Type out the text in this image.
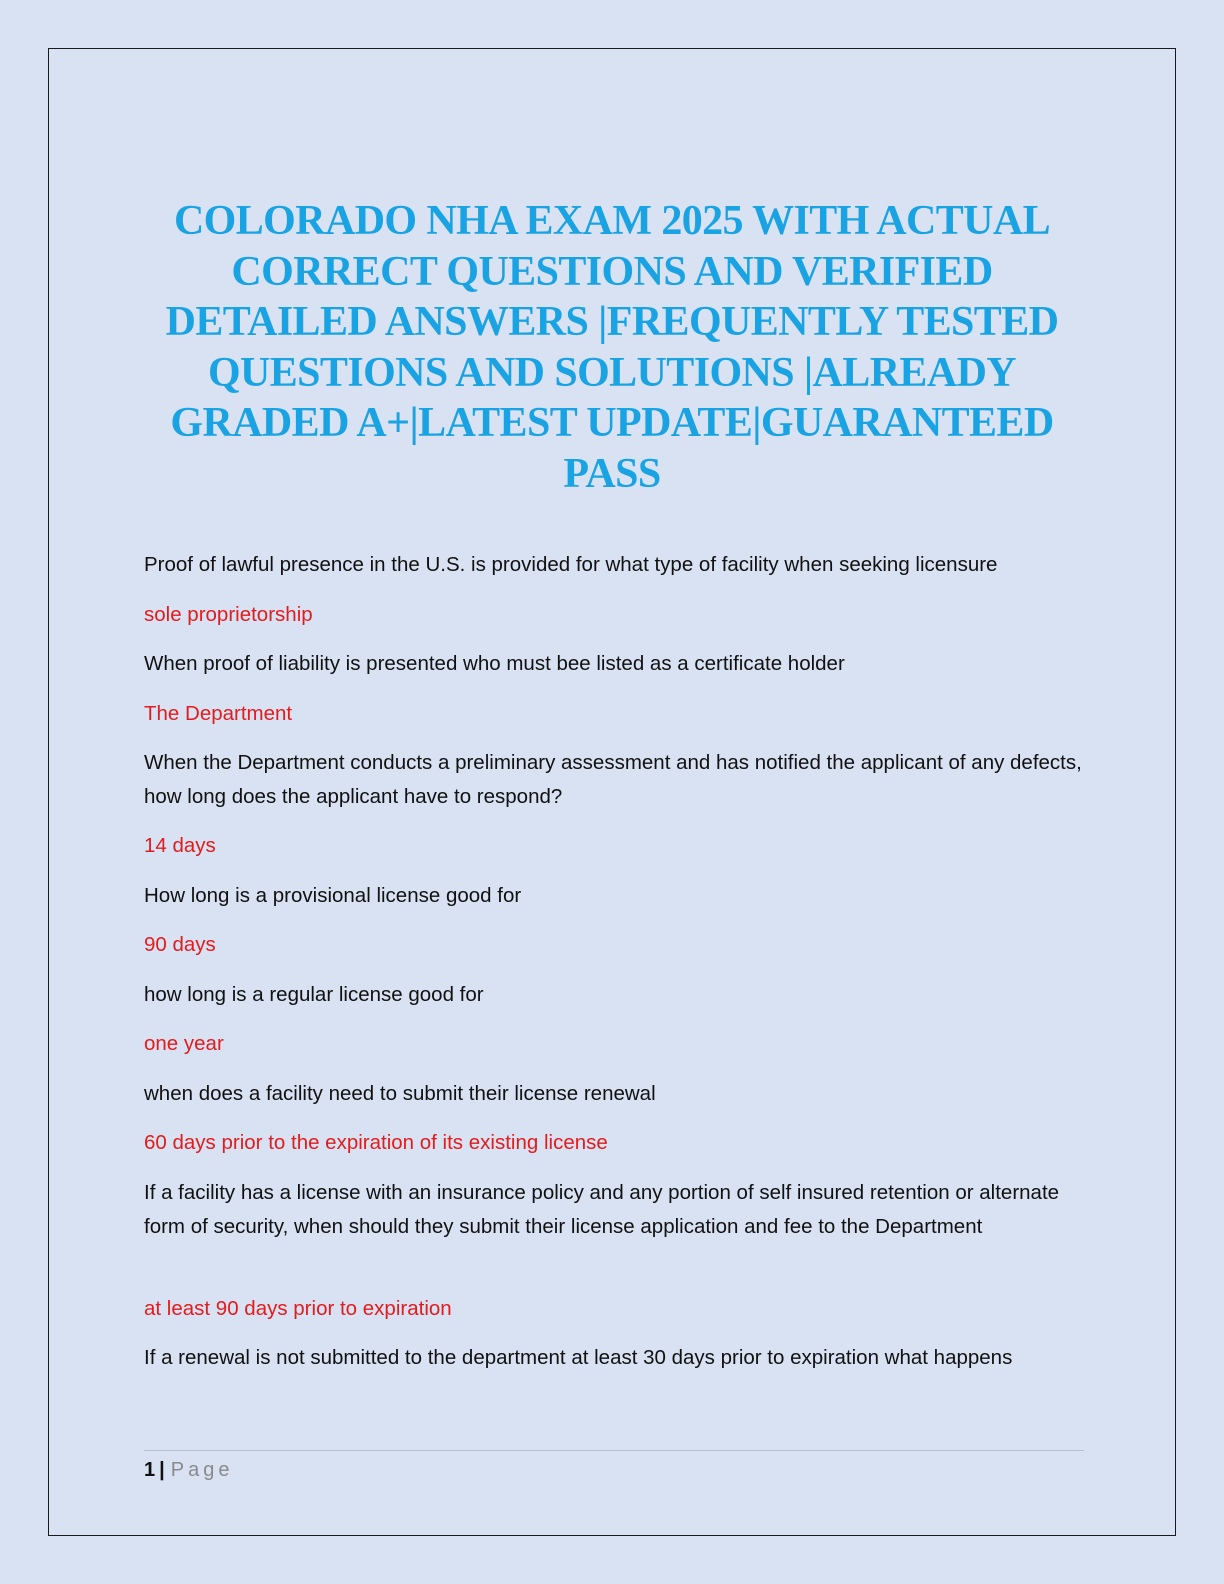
COLORADO NHA EXAM 2025 WITH ACTUAL CORRECT QUESTIONS AND VERIFIED DETAILED ANSWERS |FREQUENTLY TESTED QUESTIONS AND SOLUTIONS |ALREADY GRADED A+|LATEST UPDATE|GUARANTEED PASS

Proof of lawful presence in the U.S. is provided for what type of facility when seeking licensure

sole proprietorship

When proof of liability is presented who must bee listed as a certificate holder

The Department

When the Department conducts a preliminary assessment and has notified the applicant of any defects, how long does the applicant have to respond?

14 days

How long is a provisional license good for

90 days

how long is a regular license good for

one year

when does a facility need to submit their license renewal

60 days prior to the expiration of its existing license

If a facility has a license with an insurance policy and any portion of self insured retention or alternate form of security, when should they submit their license application and fee to the Department

at least 90 days prior to expiration

If a renewal is not submitted to the department at least 30 days prior to expiration what happens

1 | Page
